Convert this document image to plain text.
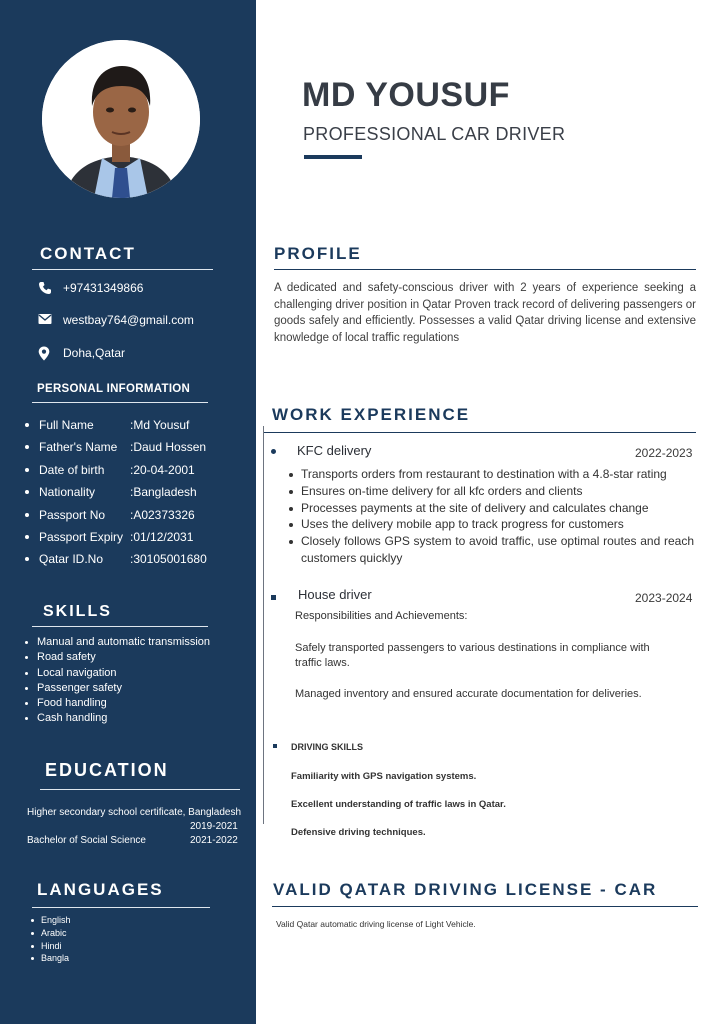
CONTACT
+97431349866
westbay764@gmail.com
Doha,Qatar
PERSONAL INFORMATION
Full Name	:Md Yousuf
Father's Name :Daud Hossen
Date of birth :20-04-2001
Nationality	:Bangladesh
Passport No :A02373326
Passport Expiry :01/12/2031
Qatar ID.No :30105001680
SKILLS
Manual and automatic transmission
Road safety
Local navigation
Passenger safety
Food handling
Cash handling
EDUCATION
Higher secondary school certificate, Bangladesh
2019-2021
Bachelor of Social Science	2021-2022
LANGUAGES
English
Arabic
Hindi
Bangla
MD YOUSUF
PROFESSIONAL CAR DRIVER
PROFILE
A dedicated and safety-conscious driver with 2 years of experience seeking a challenging driver position in Qatar Proven track record of delivering passengers or goods safely and efficiently. Possesses a valid Qatar driving license and extensive knowledge of local traffic regulations
WORK EXPERIENCE
KFC delivery	2022-2023
Transports orders from restaurant to destination with a 4.8-star rating
Ensures on-time delivery for all kfc orders and clients
Processes payments at the site of delivery and calculates change
Uses the delivery mobile app to track progress for customers
Closely follows GPS system to avoid traffic, use optimal routes and reach customers quicklyy
House driver	2023-2024
Responsibilities and Achievements:
Safely transported passengers to various destinations in compliance with
traffic laws.
Managed inventory and ensured accurate documentation for deliveries.
DRIVING SKILLS
Familiarity with GPS navigation systems.
Excellent understanding of traffic laws in Qatar.
Defensive driving techniques.
VALID QATAR DRIVING LICENSE - CAR
Valid Qatar automatic driving license of Light Vehicle.
